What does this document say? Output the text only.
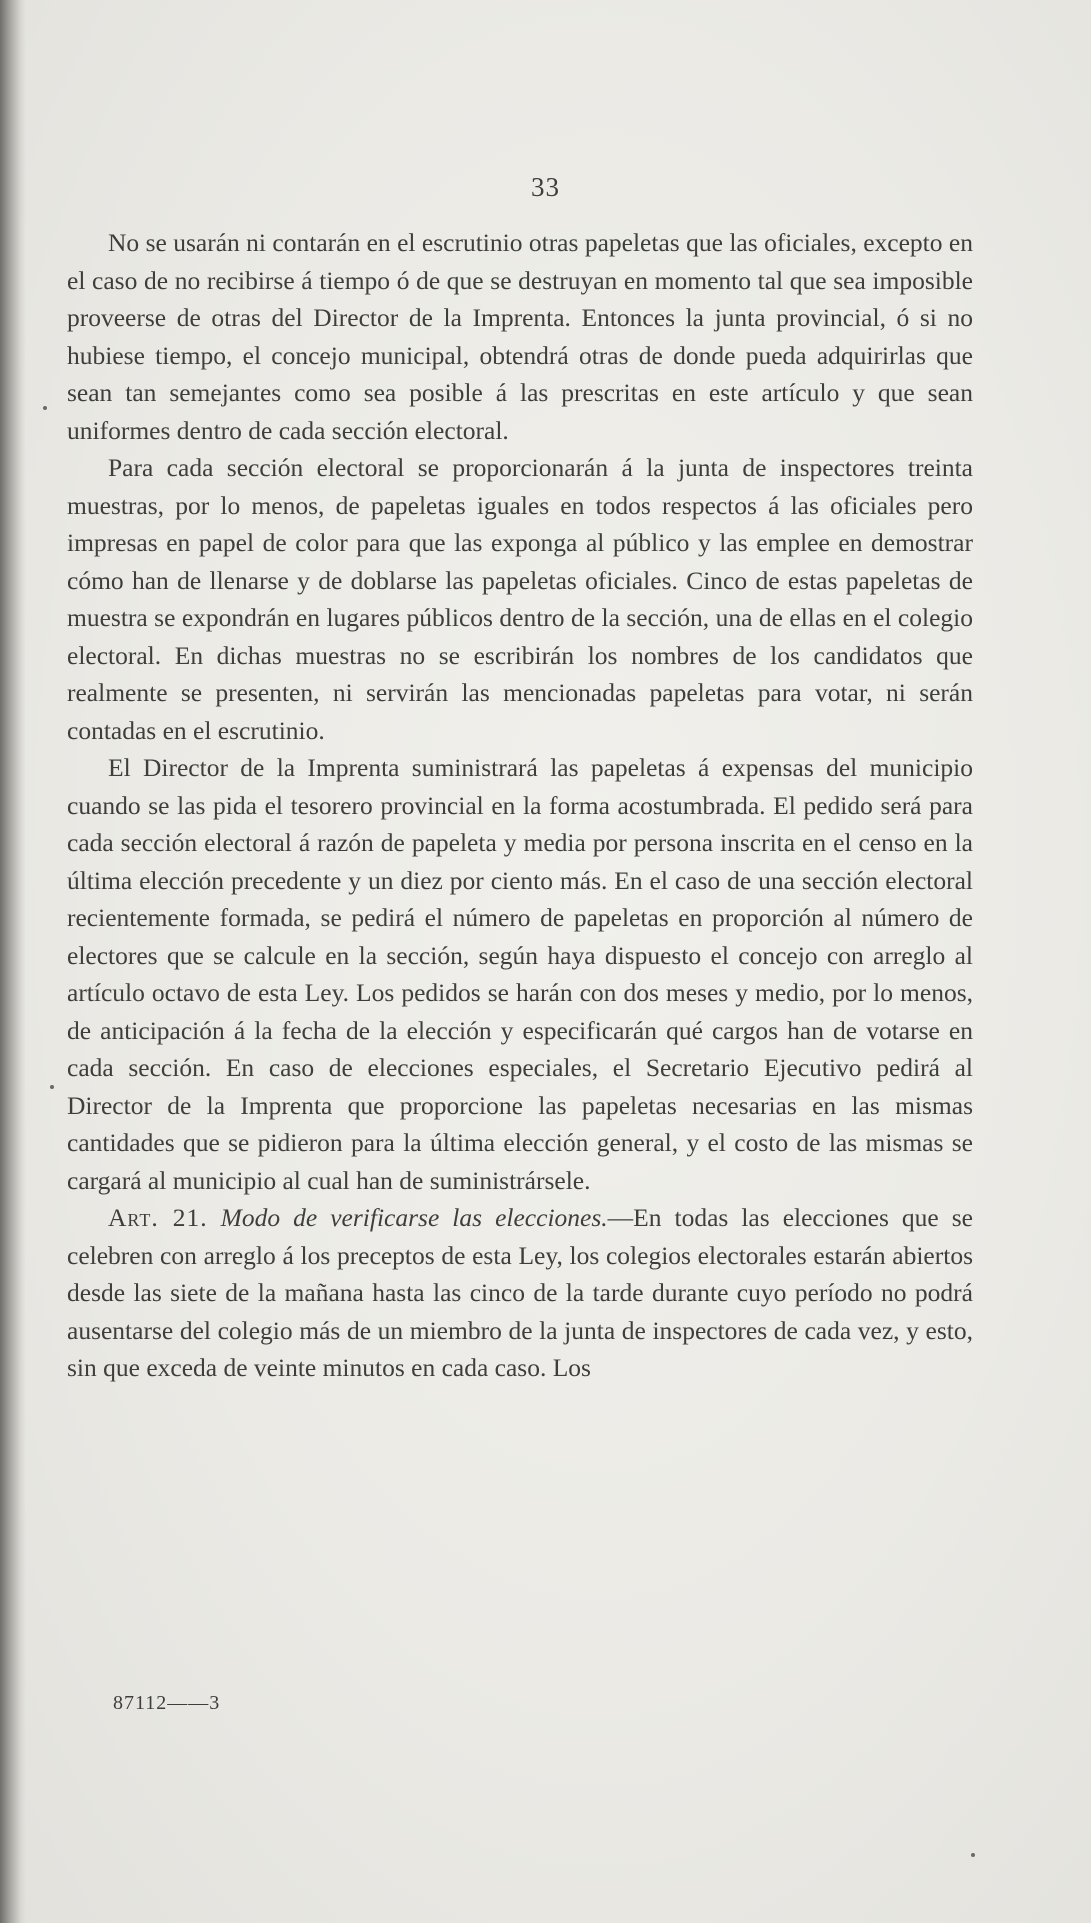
33

No se usarán ni contarán en el escrutinio otras papeletas que las oficiales, excepto en el caso de no recibirse á tiempo ó de que se destruyan en momento tal que sea imposible proveerse de otras del Director de la Imprenta. Entonces la junta provincial, ó si no hubiese tiempo, el concejo municipal, obtendrá otras de donde pueda adquirirlas que sean tan semejantes como sea posible á las prescritas en este artículo y que sean uniformes dentro de cada sección electoral.

Para cada sección electoral se proporcionarán á la junta de inspectores treinta muestras, por lo menos, de papeletas iguales en todos respectos á las oficiales pero impresas en papel de color para que las exponga al público y las emplee en demostrar cómo han de llenarse y de doblarse las papeletas oficiales. Cinco de estas papeletas de muestra se expondrán en lugares públicos dentro de la sección, una de ellas en el colegio electoral. En dichas muestras no se escribirán los nombres de los candidatos que realmente se presenten, ni servirán las mencionadas papeletas para votar, ni serán contadas en el escrutinio.

El Director de la Imprenta suministrará las papeletas á expensas del municipio cuando se las pida el tesorero provincial en la forma acostumbrada. El pedido será para cada sección electoral á razón de papeleta y media por persona inscrita en el censo en la última elección precedente y un diez por ciento más. En el caso de una sección electoral recientemente formada, se pedirá el número de papeletas en proporción al número de electores que se calcule en la sección, según haya dispuesto el concejo con arreglo al artículo octavo de esta Ley. Los pedidos se harán con dos meses y medio, por lo menos, de anticipación á la fecha de la elección y especificarán qué cargos han de votarse en cada sección. En caso de elecciones especiales, el Secretario Ejecutivo pedirá al Director de la Imprenta que proporcione las papeletas necesarias en las mismas cantidades que se pidieron para la última elección general, y el costo de las mismas se cargará al municipio al cual han de suministrársele.

Art. 21. Modo de verificarse las elecciones.—En todas las elecciones que se celebren con arreglo á los preceptos de esta Ley, los colegios electorales estarán abiertos desde las siete de la mañana hasta las cinco de la tarde durante cuyo período no podrá ausentarse del colegio más de un miembro de la junta de inspectores de cada vez, y esto, sin que exceda de veinte minutos en cada caso. Los

87112——3
